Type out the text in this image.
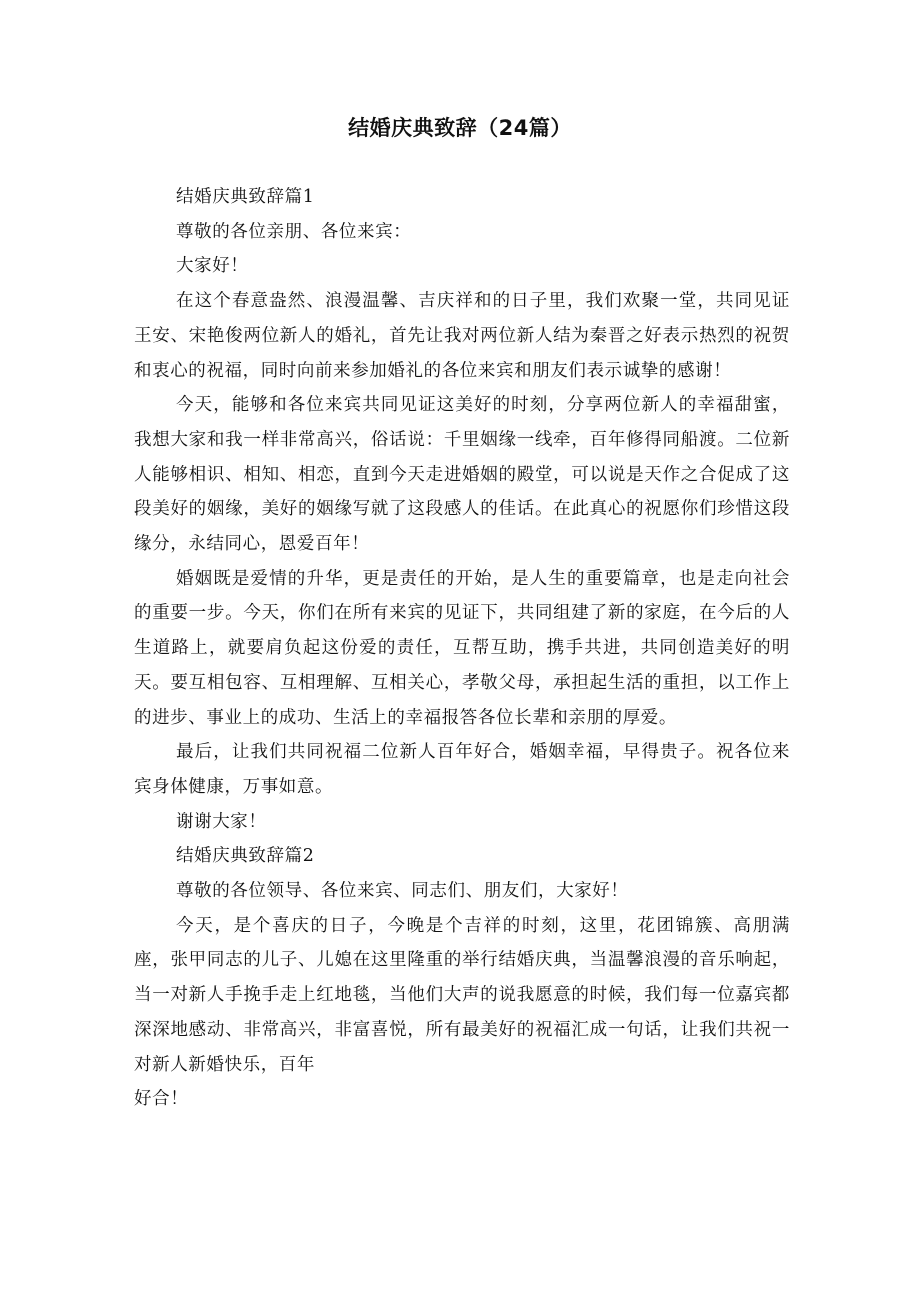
结婚庆典致辞（24篇）

结婚庆典致辞篇1

尊敬的各位亲朋、各位来宾：

大家好！

在这个春意盎然、浪漫温馨、吉庆祥和的日子里，我们欢聚一堂，共同见证王安、宋艳俊两位新人的婚礼，首先让我对两位新人结为秦晋之好表示热烈的祝贺和衷心的祝福，同时向前来参加婚礼的各位来宾和朋友们表示诚挚的感谢！

今天，能够和各位来宾共同见证这美好的时刻，分享两位新人的幸福甜蜜，我想大家和我一样非常高兴，俗话说：千里姻缘一线牵，百年修得同船渡。二位新人能够相识、相知、相恋，直到今天走进婚姻的殿堂，可以说是天作之合促成了这段美好的姻缘，美好的姻缘写就了这段感人的佳话。在此真心的祝愿你们珍惜这段缘分，永结同心，恩爱百年！

婚姻既是爱情的升华，更是责任的开始，是人生的重要篇章，也是走向社会的重要一步。今天，你们在所有来宾的见证下，共同组建了新的家庭，在今后的人生道路上，就要肩负起这份爱的责任，互帮互助，携手共进，共同创造美好的明天。要互相包容、互相理解、互相关心，孝敬父母，承担起生活的重担，以工作上的进步、事业上的成功、生活上的幸福报答各位长辈和亲朋的厚爱。

最后，让我们共同祝福二位新人百年好合，婚姻幸福，早得贵子。祝各位来宾身体健康，万事如意。

谢谢大家！

结婚庆典致辞篇2

尊敬的各位领导、各位来宾、同志们、朋友们，大家好！

今天，是个喜庆的日子，今晚是个吉祥的时刻，这里，花团锦簇、高朋满座，张甲同志的儿子、儿媳在这里隆重的举行结婚庆典，当温馨浪漫的音乐响起，当一对新人手挽手走上红地毯，当他们大声的说我愿意的时候，我们每一位嘉宾都深深地感动、非常高兴，非富喜悦，所有最美好的祝福汇成一句话，让我们共祝一对新人新婚快乐，百年

好合！
